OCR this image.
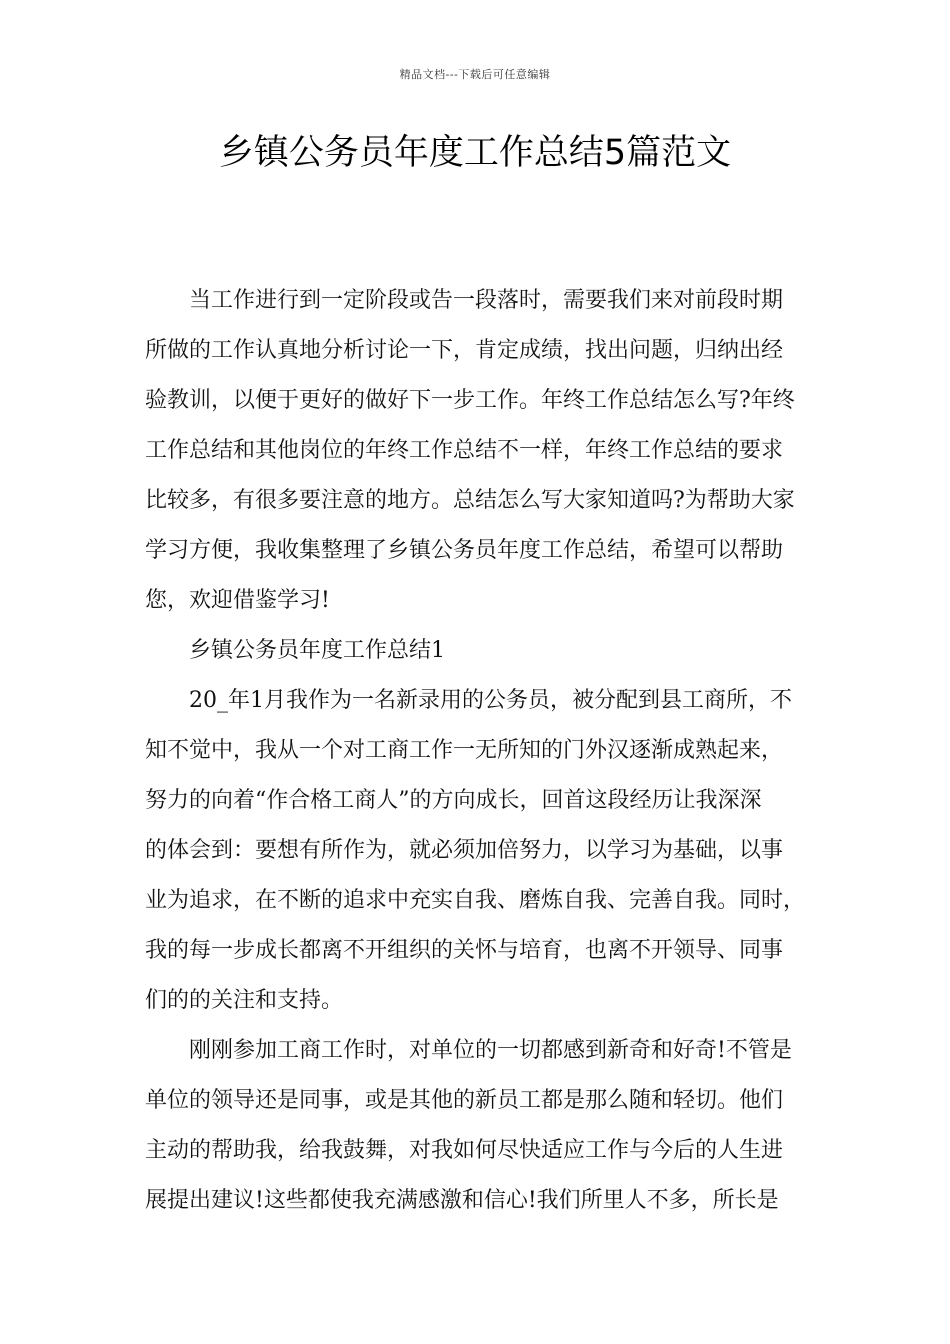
精品文档---下载后可任意编辑
乡镇公务员年度工作总结5篇范文
当工作进行到一定阶段或告一段落时，需要我们来对前段时期
所做的工作认真地分析讨论一下，肯定成绩，找出问题，归纳出经
验教训，以便于更好的做好下一步工作。年终工作总结怎么写?年终
工作总结和其他岗位的年终工作总结不一样，年终工作总结的要求
比较多，有很多要注意的地方。总结怎么写大家知道吗?为帮助大家
学习方便，我收集整理了乡镇公务员年度工作总结，希望可以帮助
您，欢迎借鉴学习!
乡镇公务员年度工作总结1
20_年1月我作为一名新录用的公务员，被分配到县工商所，不
知不觉中，我从一个对工商工作一无所知的门外汉逐渐成熟起来，
努力的向着“作合格工商人”的方向成长，回首这段经历让我深深
的体会到：要想有所作为，就必须加倍努力，以学习为基础，以事
业为追求，在不断的追求中充实自我、磨炼自我、完善自我。同时，
我的每一步成长都离不开组织的关怀与培育，也离不开领导、同事
们的的关注和支持。
刚刚参加工商工作时，对单位的一切都感到新奇和好奇!不管是
单位的领导还是同事，或是其他的新员工都是那么随和轻切。他们
主动的帮助我，给我鼓舞，对我如何尽快适应工作与今后的人生进
展提出建议!这些都使我充满感激和信心!我们所里人不多，所长是
